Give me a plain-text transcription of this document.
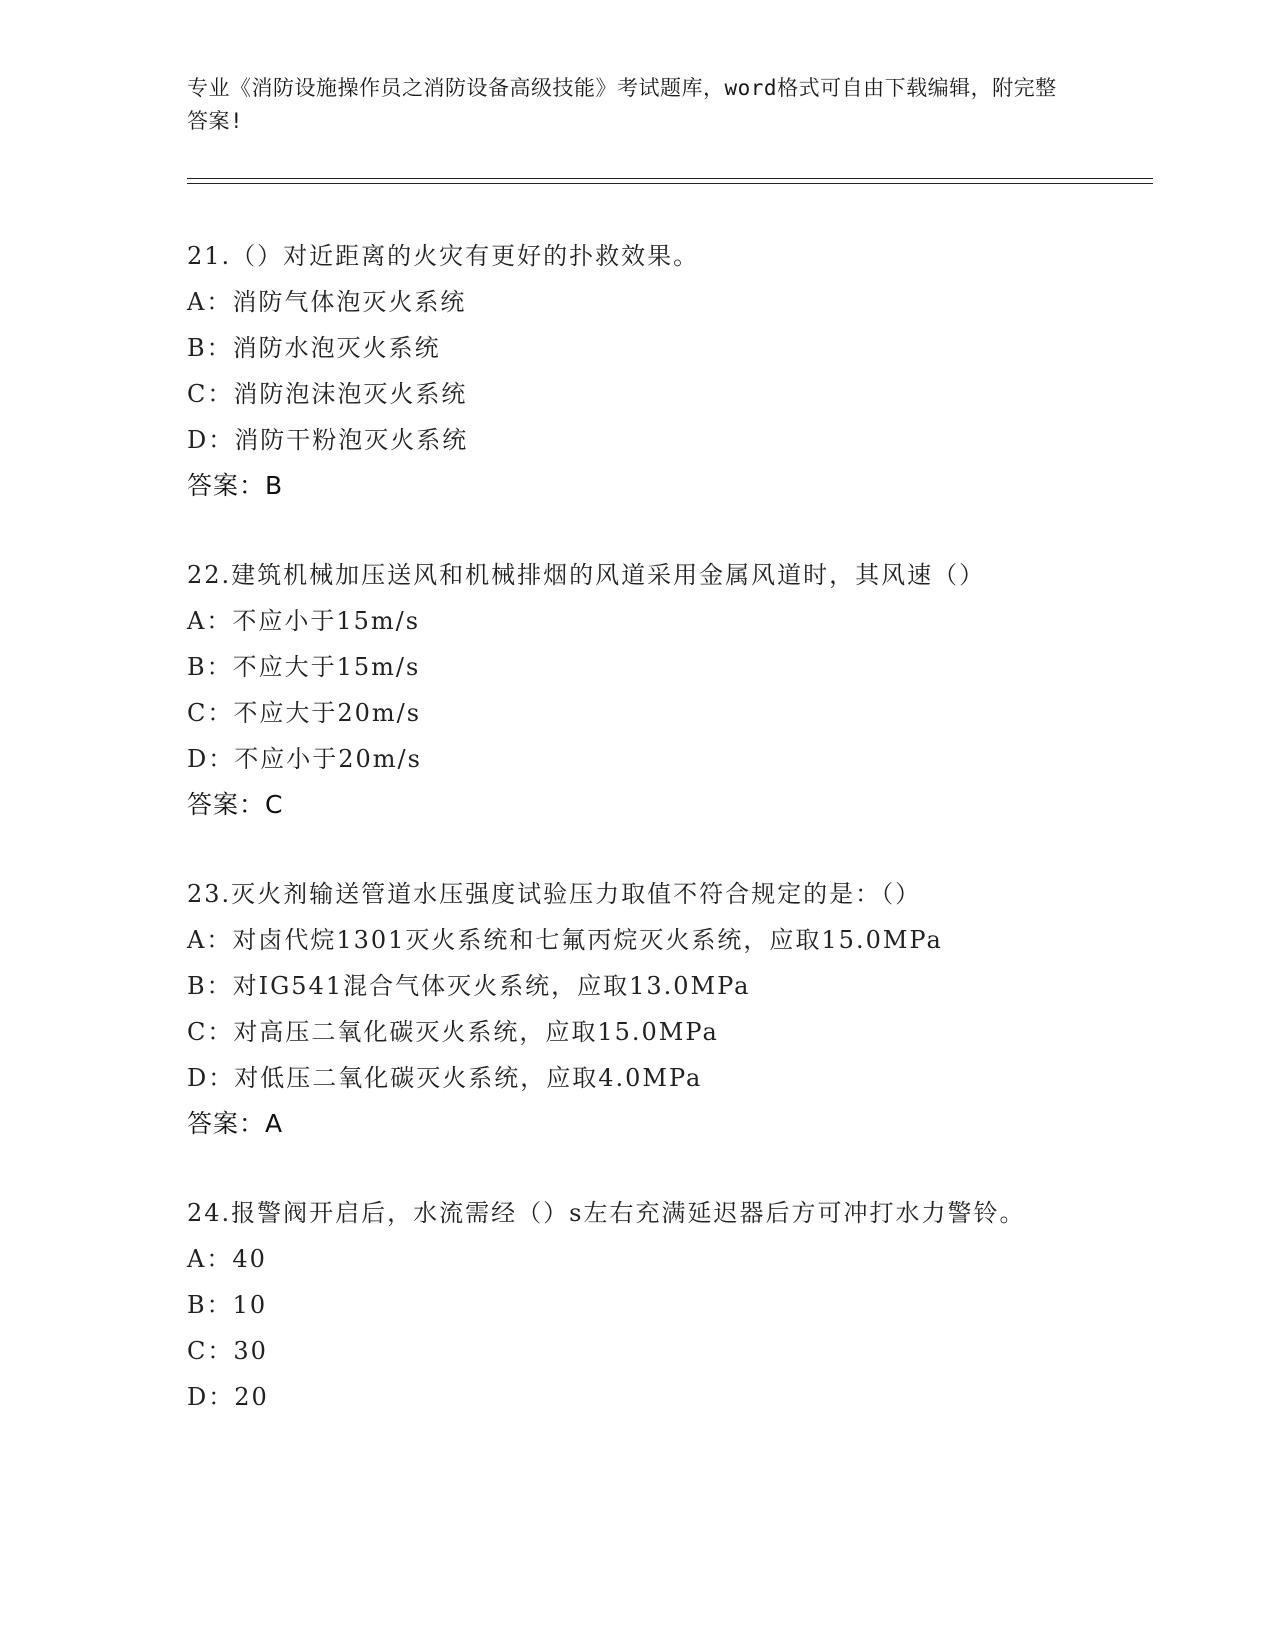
专业《消防设施操作员之消防设备高级技能》考试题库，word格式可自由下载编辑，附完整答案!
21.（）对近距离的火灾有更好的扑救效果。
A：消防气体泡灭火系统
B：消防水泡灭火系统
C：消防泡沫泡灭火系统
D：消防干粉泡灭火系统
答案：B
22.建筑机械加压送风和机械排烟的风道采用金属风道时，其风速（）
A：不应小于15m/s
B：不应大于15m/s
C：不应大于20m/s
D：不应小于20m/s
答案：C
23.灭火剂输送管道水压强度试验压力取值不符合规定的是：（）
A：对卤代烷1301灭火系统和七氟丙烷灭火系统，应取15.0MPa
B：对IG541混合气体灭火系统，应取13.0MPa
C：对高压二氧化碳灭火系统，应取15.0MPa
D：对低压二氧化碳灭火系统，应取4.0MPa
答案：A
24.报警阀开启后，水流需经（）s左右充满延迟器后方可冲打水力警铃。
A：40
B：10
C：30
D：20
